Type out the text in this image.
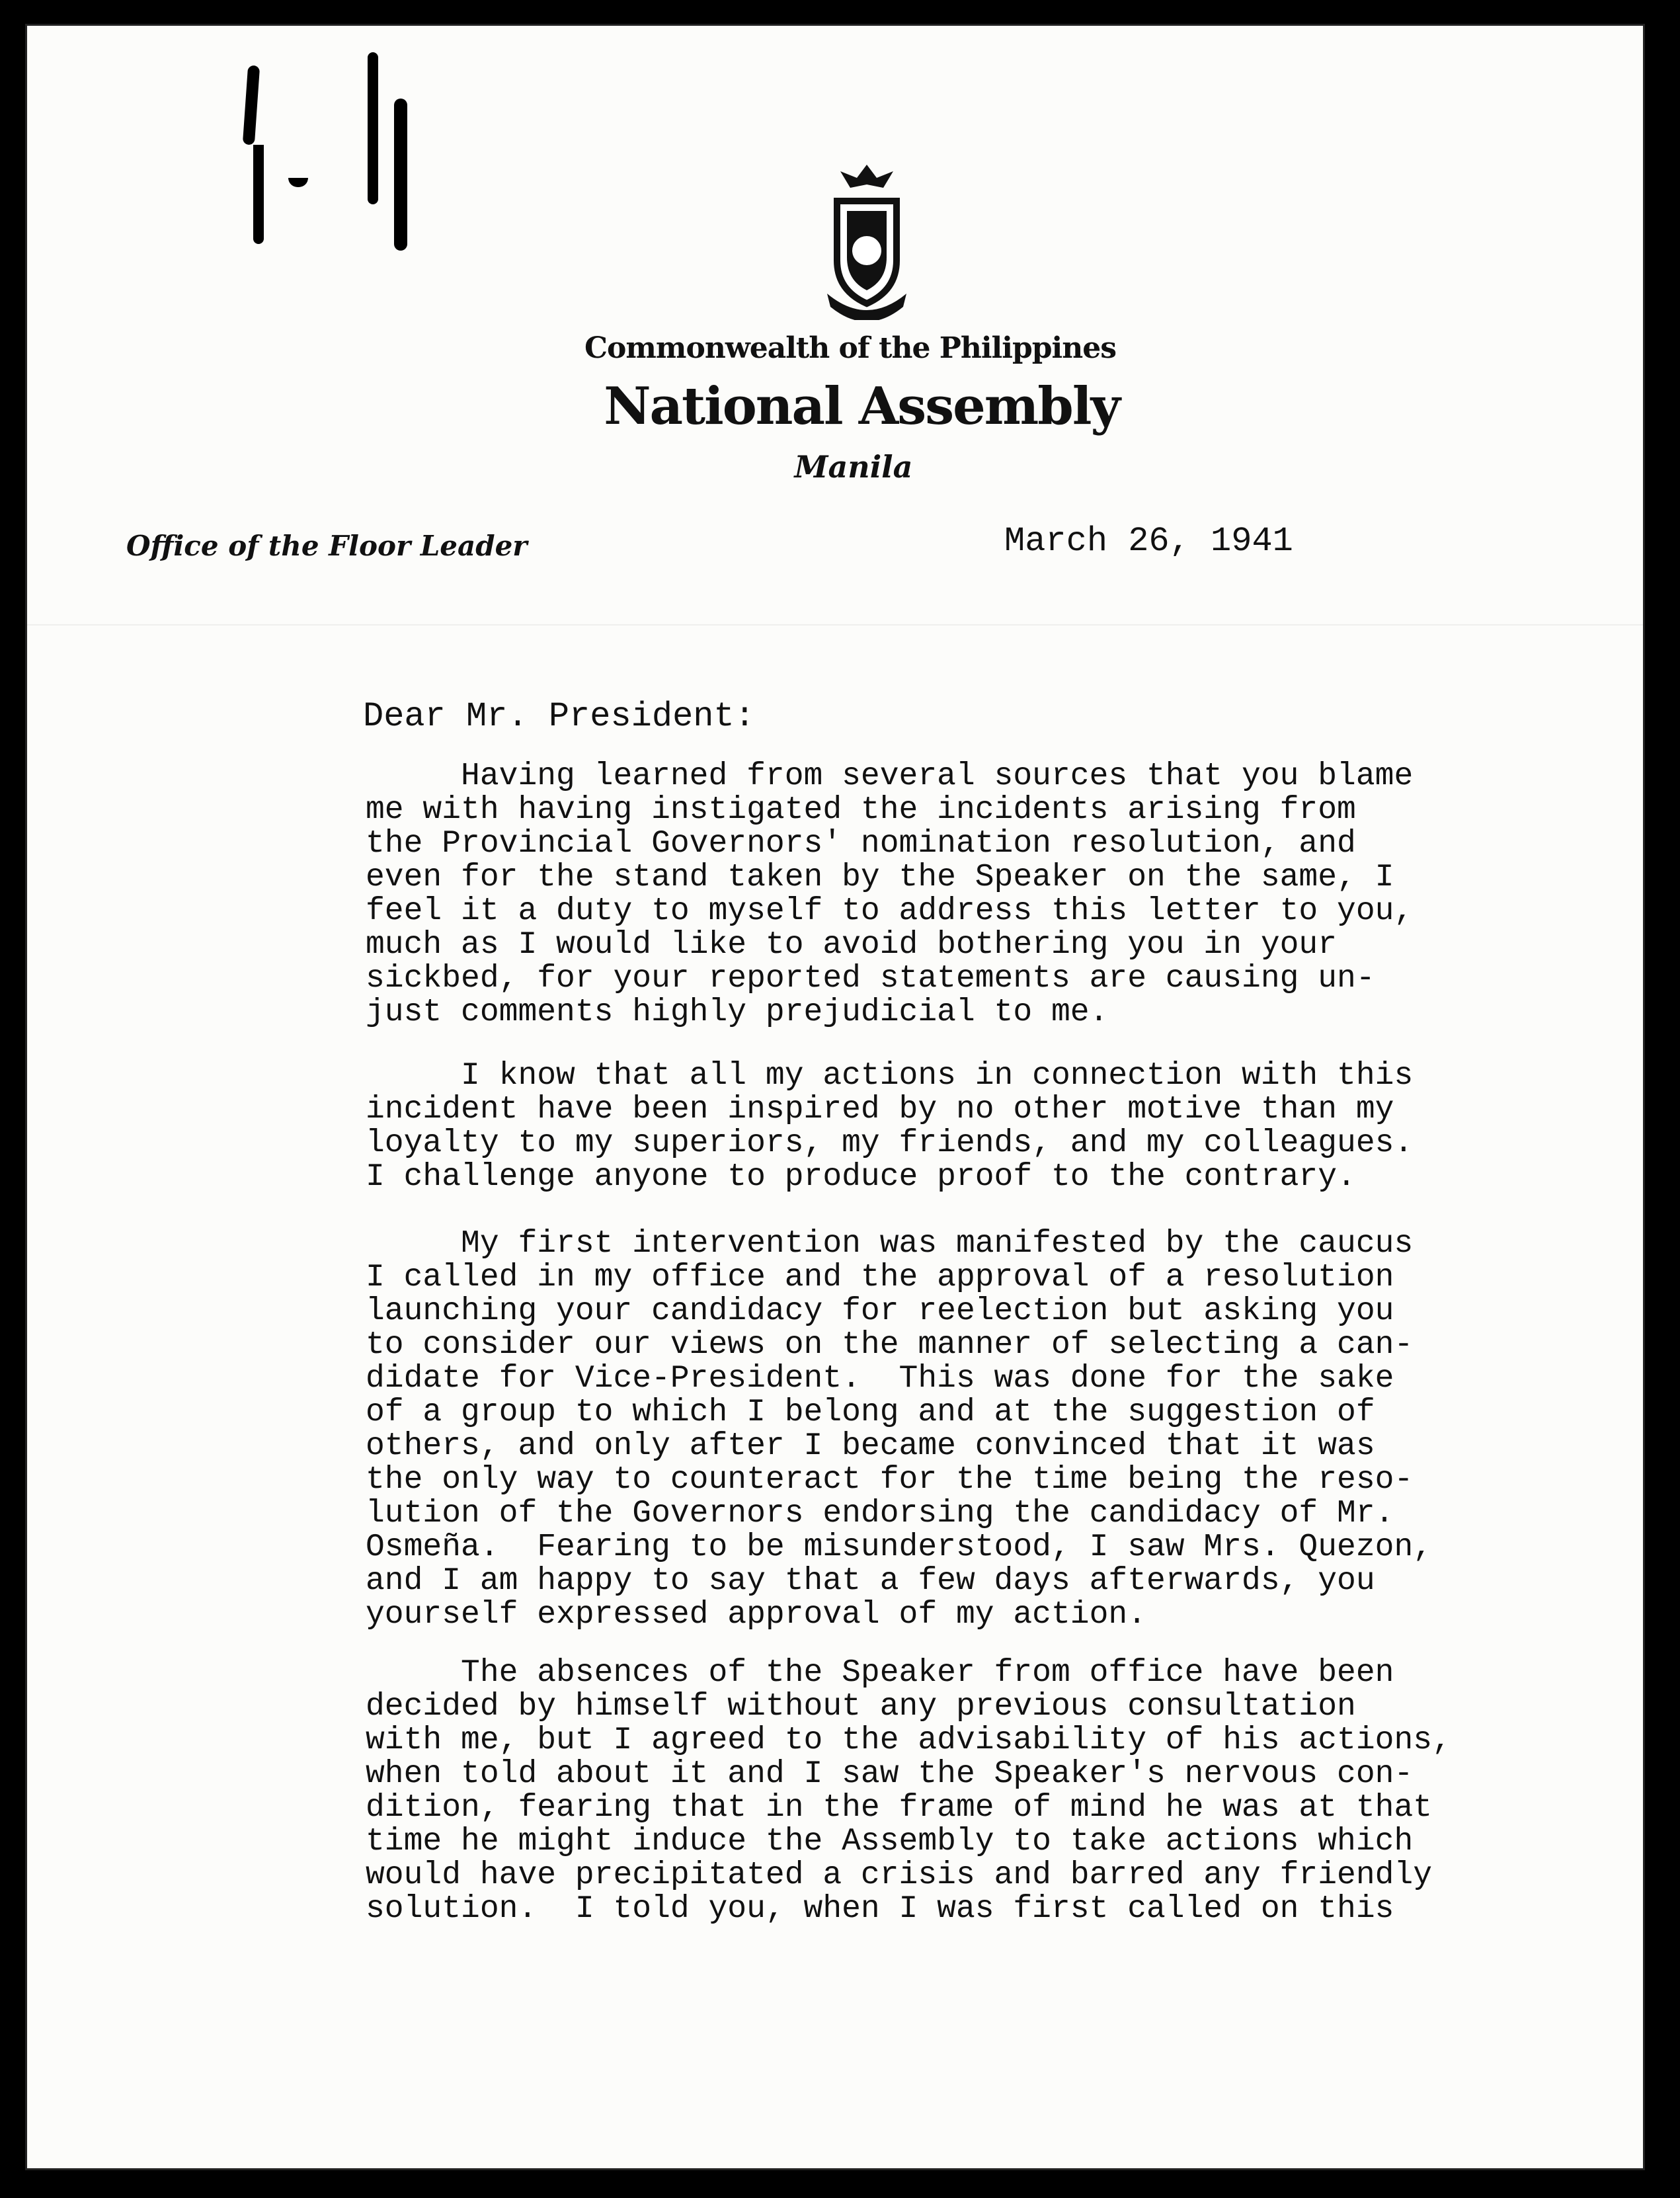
Commonwealth of the Philippines
National Assembly
Manila
Office of the Floor Leader	March 26, 1941
Dear Mr. President:
Having learned from several sources that you blame
me with having instigated the incidents arising from
the Provincial Governors' nomination resolution, and
even for the stand taken by the Speaker on the same, I
feel it a duty to myself to address this letter to you,
much as I would like to avoid bothering you in your
sickbed, for your reported statements are causing un-
just comments highly prejudicial to me.
I know that all my actions in connection with this
incident have been inspired by no other motive than my
loyalty to my superiors, my friends, and my colleagues.
I challenge anyone to produce proof to the contrary.
My first intervention was manifested by the caucus
I called in my office and the approval of a resolution
launching your candidacy for reelection but asking you
to consider our views on the manner of selecting a can-
didate for Vice-President.  This was done for the sake
of a group to which I belong and at the suggestion of
others, and only after I became convinced that it was
the only way to counteract for the time being the reso-
lution of the Governors endorsing the candidacy of Mr.
Osmeña.  Fearing to be misunderstood, I saw Mrs. Quezon,
and I am happy to say that a few days afterwards, you
yourself expressed approval of my action.
The absences of the Speaker from office have been
decided by himself without any previous consultation
with me, but I agreed to the advisability of his actions,
when told about it and I saw the Speaker's nervous con-
dition, fearing that in the frame of mind he was at that
time he might induce the Assembly to take actions which
would have precipitated a crisis and barred any friendly
solution.  I told you, when I was first called on this
